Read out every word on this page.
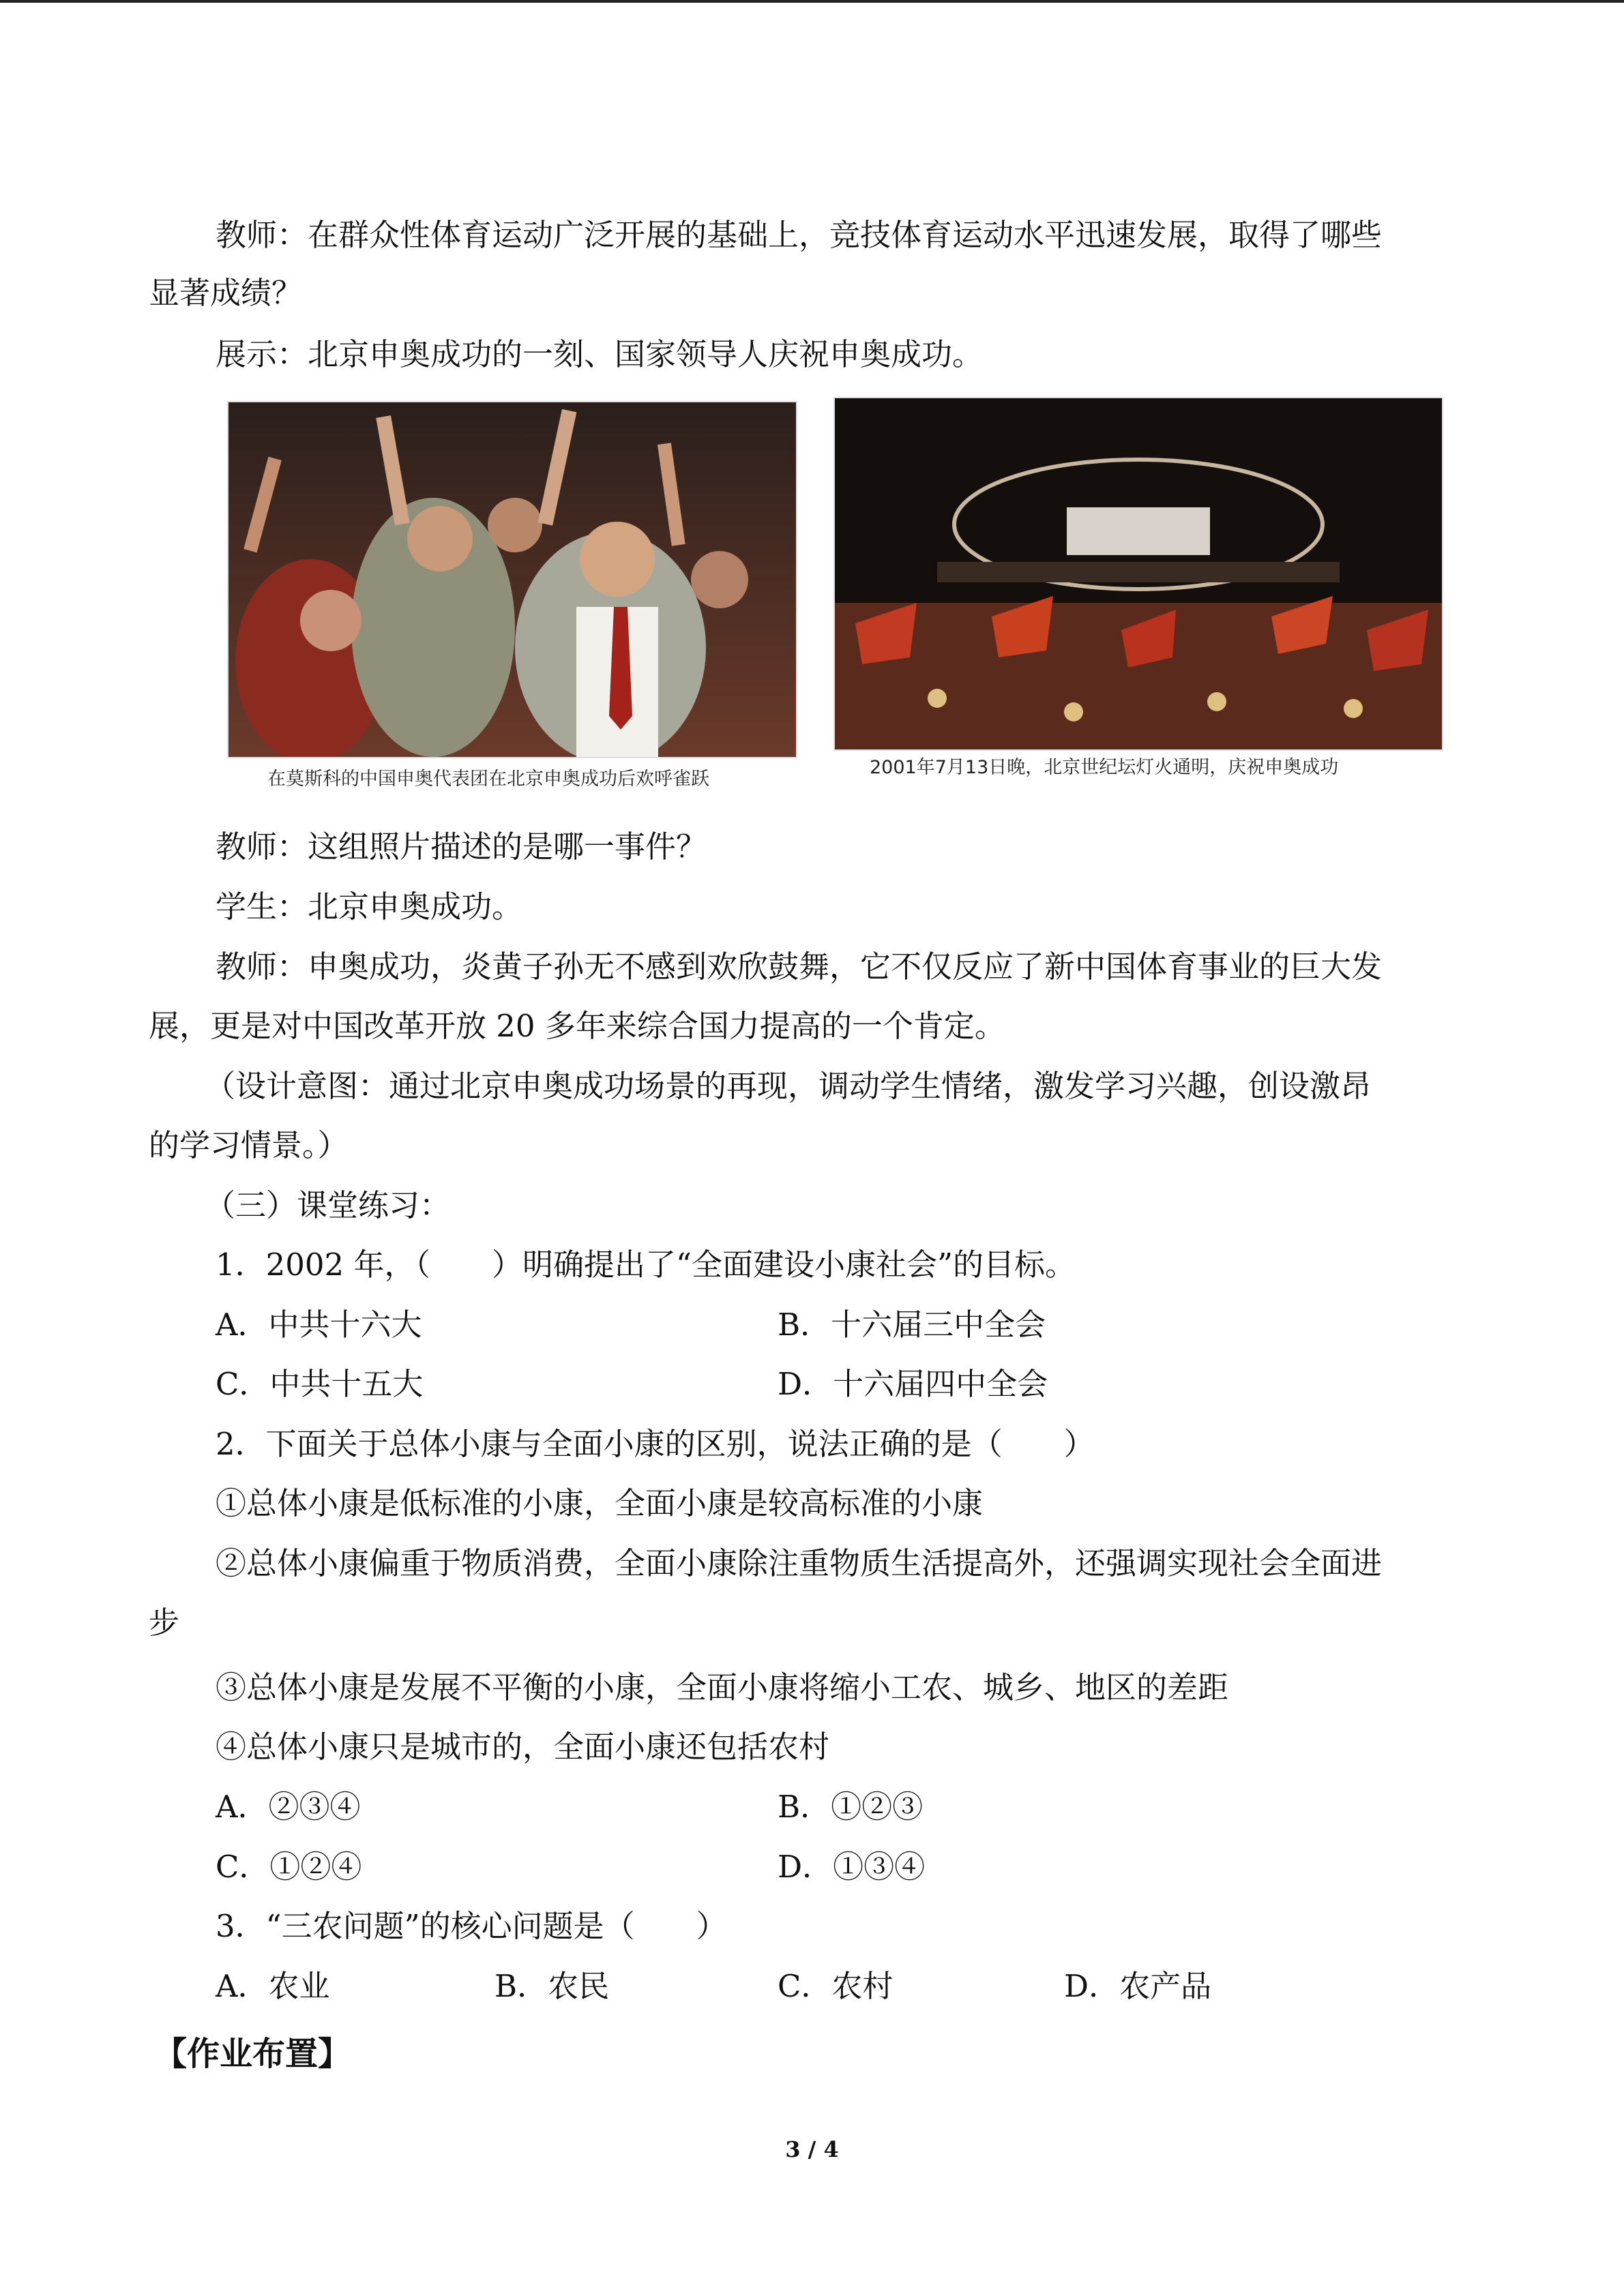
教师：在群众性体育运动广泛开展的基础上，竞技体育运动水平迅速发展，取得了哪些
显著成绩？
展示：北京申奥成功的一刻、国家领导人庆祝申奥成功。
在莫斯科的中国申奥代表团在北京申奥成功后欢呼雀跃
2001年7月13日晚，北京世纪坛灯火通明，庆祝申奥成功
教师：这组照片描述的是哪一事件？
学生：北京申奥成功。
教师：申奥成功，炎黄子孙无不感到欢欣鼓舞，它不仅反应了新中国体育事业的巨大发
展，更是对中国改革开放 20 多年来综合国力提高的一个肯定。
（设计意图：通过北京申奥成功场景的再现，调动学生情绪，激发学习兴趣，创设激昂
的学习情景。）
（三）课堂练习：
1．2002 年，（　　）明确提出了“全面建设小康社会”的目标。
A．中共十六大	B．十六届三中全会
C．中共十五大	D．十六届四中全会
2．下面关于总体小康与全面小康的区别，说法正确的是（　　）
①总体小康是低标准的小康，全面小康是较高标准的小康
②总体小康偏重于物质消费，全面小康除注重物质生活提高外，还强调实现社会全面进
步
③总体小康是发展不平衡的小康，全面小康将缩小工农、城乡、地区的差距
④总体小康只是城市的，全面小康还包括农村
A．②③④	B．①②③
C．①②④	D．①③④
3．“三农问题”的核心问题是（　　）
A．农业	B．农民	C．农村	D．农产品
【作业布置】
3 / 4
